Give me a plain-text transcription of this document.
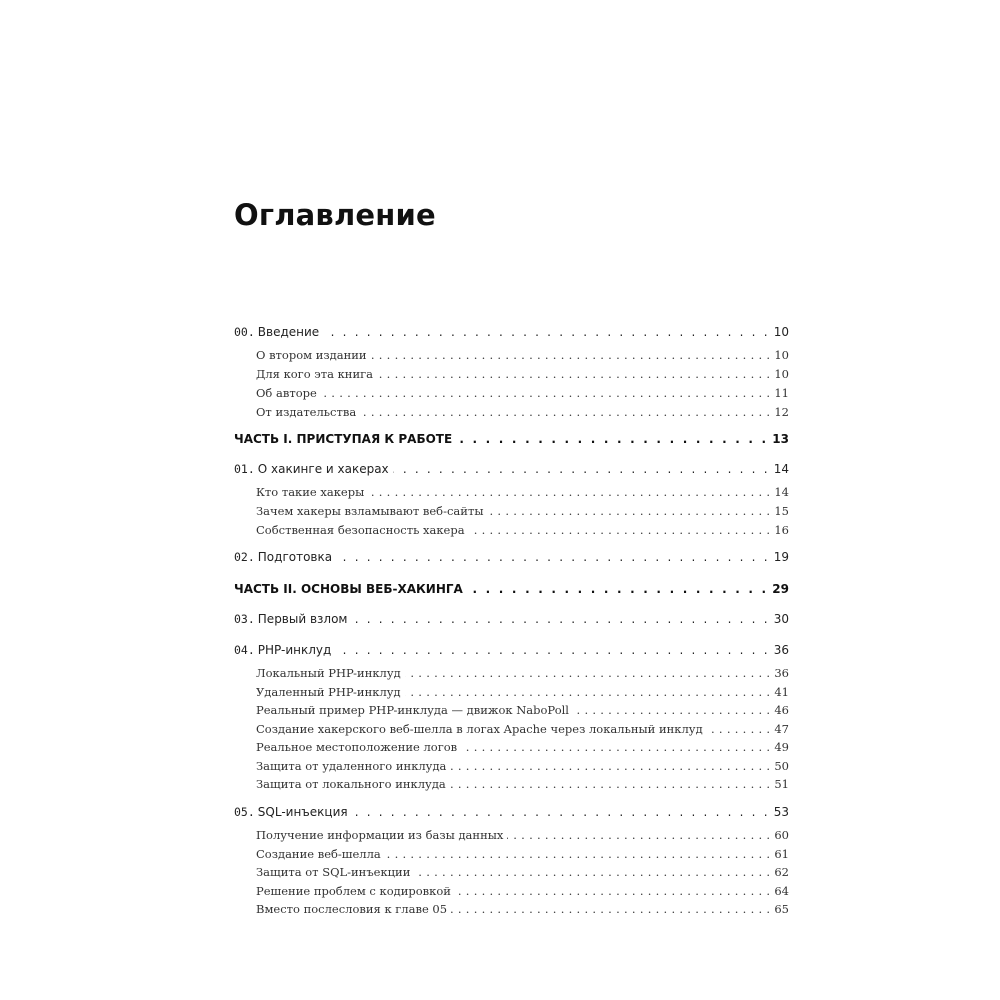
Оглавление
00. Введение . . .	10
О втором издании . . .	10
Для кого эта книга . . .	10
Об авторе . . .	11
От издательства . . .	12
ЧАСТЬ I. ПРИСТУПАЯ К РАБОТЕ . . .	13
01. О хакинге и хакерах . . .	14
Кто такие хакеры . . .	14
Зачем хакеры взламывают веб-сайты . . .	15
Собственная безопасность хакера . . .	16
02. Подготовка . . .	19
ЧАСТЬ II. ОСНОВЫ ВЕБ-ХАКИНГА . . .	29
03. Первый взлом . . .	30
04. PHP-инклуд . . .	36
Локальный PHP-инклуд . . .	36
Удаленный PHP-инклуд . . .	41
Реальный пример PHP-инклуда — движок NaboPoll . . .	46
Создание хакерского веб-шелла в логах Apache через локальный инклуд . . .	47
Реальное местоположение логов . . .	49
Защита от удаленного инклуда . . .	50
Защита от локального инклуда . . .	51
05. SQL-инъекция . . .	53
Получение информации из базы данных . . .	60
Создание веб-шелла . . .	61
Защита от SQL-инъекции . . .	62
Решение проблем с кодировкой . . .	64
Вместо послесловия к главе 05 . . .	65
